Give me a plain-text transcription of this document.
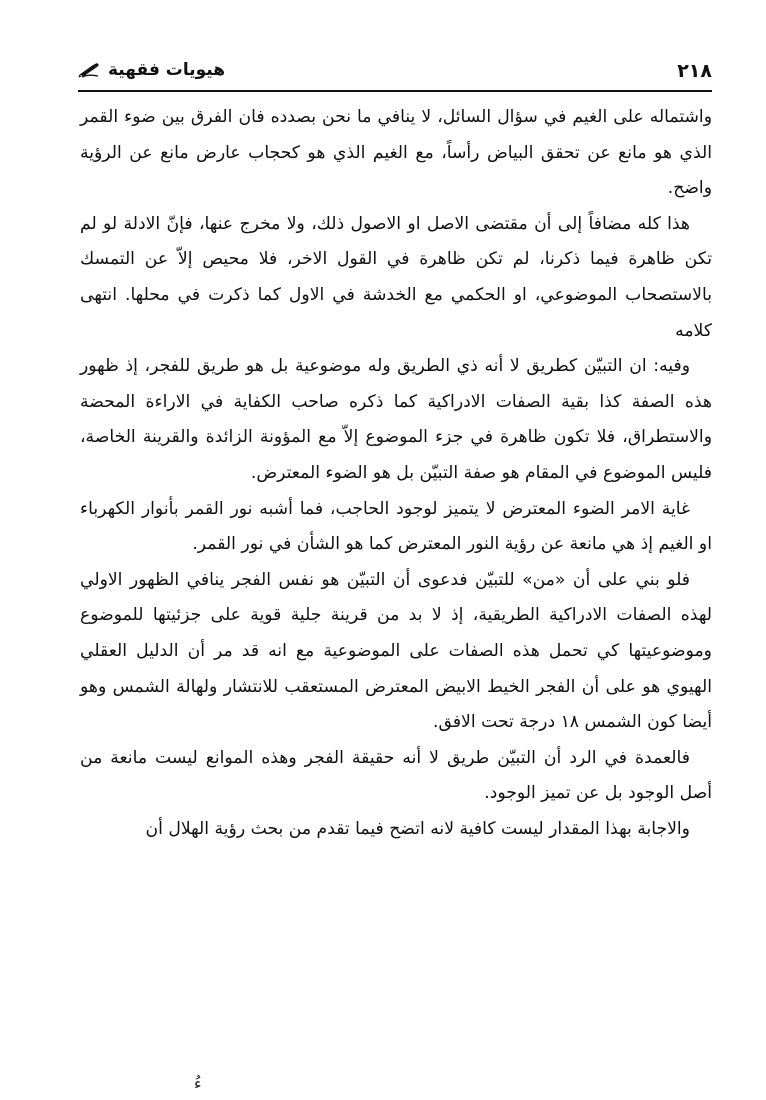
٢١٨
هيويات فقهية

واشتماله على الغيم في سؤال السائل، لا ينافي ما نحن بصدده فان الفرق بين ضوء القمر الذي هو مانع عن تحقق البياض رأساً، مع الغيم الذي هو كحجاب عارض مانع عن الرؤية واضح.

هذا كله مضافاً إلى أن مقتضى الاصل او الاصول ذلك، ولا مخرج عنها، فإنّ الادلة لو لم تكن ظاهرة فيما ذكرنا، لم تكن ظاهرة في القول الاخر، فلا محيص إلاّ عن التمسك بالاستصحاب الموضوعي، او الحكمي مع الخدشة في الاول كما ذكرت في محلها. انتهى كلامه

وفيه: ان التبيّن كطريق لا أنه ذي الطريق وله موضوعية بل هو طريق للفجر، إذ ظهور هذه الصفة كذا بقية الصفات الادراكية كما ذكره صاحب الكفاية في الاراءة المحضة والاستطراق، فلا تكون ظاهرة في جزء الموضوع إلاّ مع المؤونة الزائدة والقرينة الخاصة، فليس الموضوع في المقام هو صفة التبيّن بل هو الضوء المعترض.

غاية الامر الضوء المعترض لا يتميز لوجود الحاجب، فما أشبه نور القمر بأنوار الكهرباء او الغيم إذ هي مانعة عن رؤية النور المعترض كما هو الشأن في نور القمر.

فلو بني على أن «من» للتبيّن فدعوى أن التبيّن هو نفس الفجر ينافي الظهور الاولي لهذه الصفات الادراكية الطريقية، إذ لا بد من قرينة جلية قوية على جزئيتها للموضوع وموضوعيتها كي تحمل هذه الصفات على الموضوعية مع انه قد مر أن الدليل العقلي الهيوي هو على أن الفجر الخيط الابيض المعترض المستعقب للانتشار ولهالة الشمس وهو أيضا كون الشمس ١٨ درجة تحت الافق.

فالعمدة في الرد أن التبيّن طريق لا أنه حقيقة الفجر وهذه الموانع ليست مانعة من أصل الوجود بل عن تميز الوجود.

والاجابة بهذا المقدار ليست كافية لانه اتضح فيما تقدم من بحث رؤية الهلال أن

ءُ
